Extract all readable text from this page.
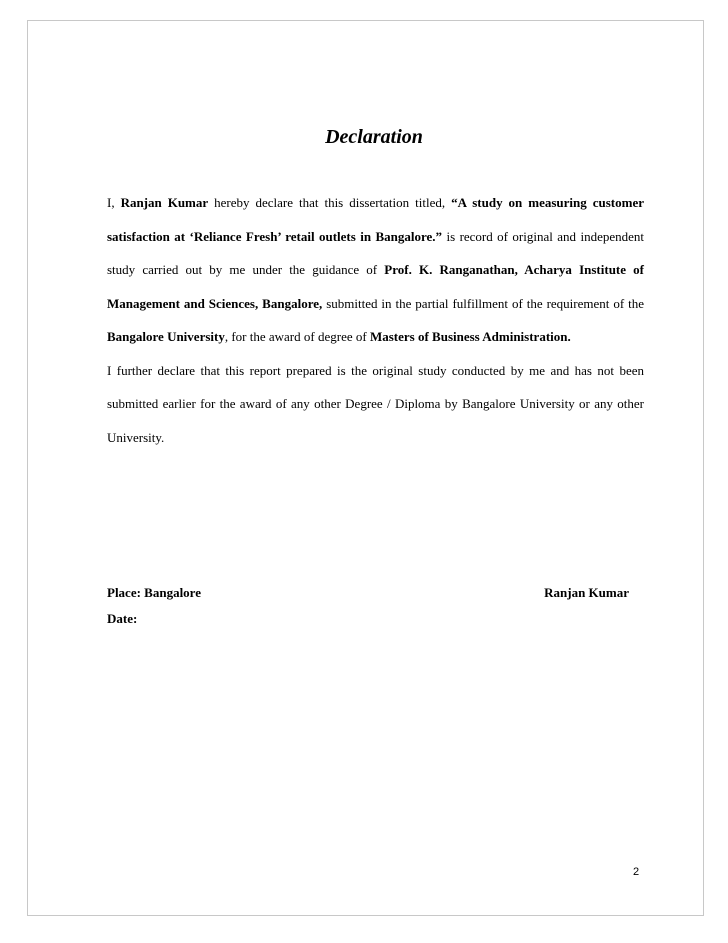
Declaration

I, Ranjan Kumar hereby declare that this dissertation titled, “A study on measuring customer satisfaction at ‘Reliance Fresh’ retail outlets in Bangalore.” is record of original and independent study carried out by me under the guidance of Prof. K. Ranganathan, Acharya Institute of Management and Sciences, Bangalore, submitted in the partial fulfillment of the requirement of the Bangalore University, for the award of degree of Masters of Business Administration.

I further declare that this report prepared is the original study conducted by me and has not been submitted earlier for the award of any other Degree / Diploma by Bangalore University or any other University.

Place: Bangalore	Ranjan Kumar
Date:
2
